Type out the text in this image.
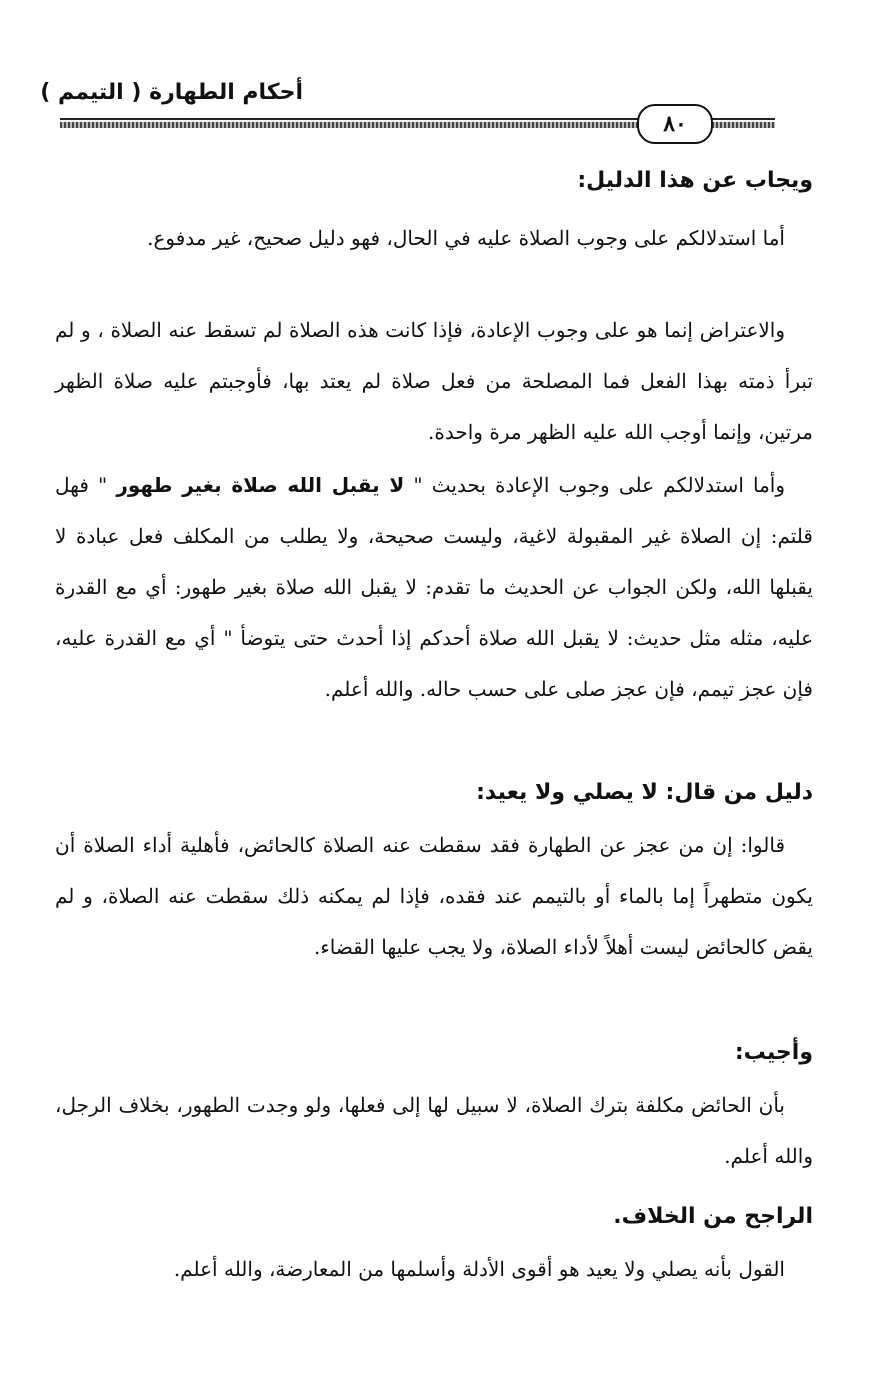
أحكام الطهارة ( التيمم )
٨٠

ويجاب عن هذا الدليل:

أما استدلالكم على وجوب الصلاة عليه في الحال، فهو دليل صحيح، غير مدفوع.

والاعتراض إنما هو على وجوب الإعادة، فإذا كانت هذه الصلاة لم تسقط عنه الصلاة ، و لم تبرأ ذمته بهذا الفعل فما المصلحة من فعل صلاة لم يعتد بها، فأوجبتم عليه صلاة الظهر مرتين، وإنما أوجب الله عليه الظهر مرة واحدة.

وأما استدلالكم على وجوب الإعادة بحديث " لا يقبل الله صلاة بغير طهور " فهل قلتم: إن الصلاة غير المقبولة لاغية، وليست صحيحة، ولا يطلب من المكلف فعل عبادة لا يقبلها الله، ولكن الجواب عن الحديث ما تقدم: لا يقبل الله صلاة بغير طهور: أي مع القدرة عليه، مثله مثل حديث: لا يقبل الله صلاة أحدكم إذا أحدث حتى يتوضأ " أي مع القدرة عليه، فإن عجز تيمم، فإن عجز صلى على حسب حاله. والله أعلم.

دليل من قال: لا يصلي ولا يعيد:

قالوا: إن من عجز عن الطهارة فقد سقطت عنه الصلاة كالحائض، فأهلية أداء الصلاة أن يكون متطهراً إما بالماء أو بالتيمم عند فقده، فإذا لم يمكنه ذلك سقطت عنه الصلاة، و لم يقض كالحائض ليست أهلاً لأداء الصلاة، ولا يجب عليها القضاء.

وأجيب:

بأن الحائض مكلفة بترك الصلاة، لا سبيل لها إلى فعلها، ولو وجدت الطهور، بخلاف الرجل، والله أعلم.

الراجح من الخلاف.

القول بأنه يصلي ولا يعيد هو أقوى الأدلة وأسلمها من المعارضة، والله أعلم.
